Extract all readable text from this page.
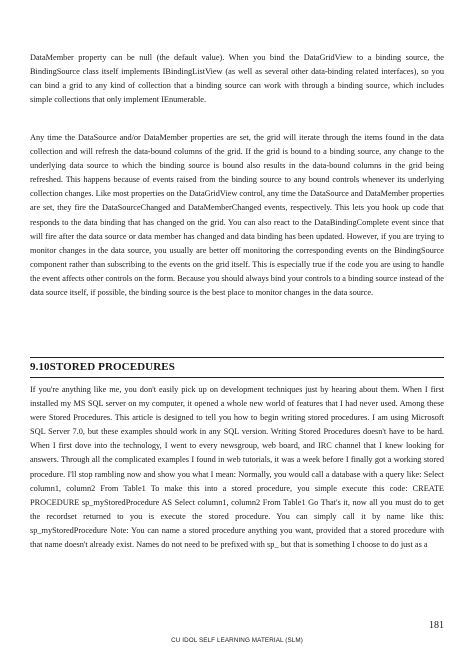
DataMember property can be null (the default value). When you bind the DataGridView to a binding source, the BindingSource class itself implements IBindingListView (as well as several other data-binding related interfaces), so you can bind a grid to any kind of collection that a binding source can work with through a binding source, which includes simple collections that only implement IEnumerable.

Any time the DataSource and/or DataMember properties are set, the grid will iterate through the items found in the data collection and will refresh the data-bound columns of the grid. If the grid is bound to a binding source, any change to the underlying data source to which the binding source is bound also results in the data-bound columns in the grid being refreshed. This happens because of events raised from the binding source to any bound controls whenever its underlying collection changes. Like most properties on the DataGridView control, any time the DataSource and DataMember properties are set, they fire the DataSourceChanged and DataMemberChanged events, respectively. This lets you hook up code that responds to the data binding that has changed on the grid. You can also react to the DataBindingComplete event since that will fire after the data source or data member has changed and data binding has been updated. However, if you are trying to monitor changes in the data source, you usually are better off monitoring the corresponding events on the BindingSource component rather than subscribing to the events on the grid itself. This is especially true if the code you are using to handle the event affects other controls on the form. Because you should always bind your controls to a binding source instead of the data source itself, if possible, the binding source is the best place to monitor changes in the data source.

9.10STORED PROCEDURES

If you're anything like me, you don't easily pick up on development techniques just by hearing about them. When I first installed my MS SQL server on my computer, it opened a whole new world of features that I had never used. Among these were Stored Procedures. This article is designed to tell you how to begin writing stored procedures. I am using Microsoft SQL Server 7.0, but these examples should work in any SQL version. Writing Stored Procedures doesn't have to be hard. When I first dove into the technology, I went to every newsgroup, web board, and IRC channel that I knew looking for answers. Through all the complicated examples I found in web tutorials, it was a week before I finally got a working stored procedure. I'll stop rambling now and show you what I mean: Normally, you would call a database with a query like: Select column1, column2 From Table1 To make this into a stored procedure, you simple execute this code: CREATE PROCEDURE sp_myStoredProcedure AS Select column1, column2 From Table1 Go That's it, now all you must do to get the recordset returned to you is execute the stored procedure. You can simply call it by name like this: sp_myStoredProcedure Note: You can name a stored procedure anything you want, provided that a stored procedure with that name doesn't already exist. Names do not need to be prefixed with sp_ but that is something I choose to do just as a

181
CU IDOL SELF LEARNING MATERIAL (SLM)
